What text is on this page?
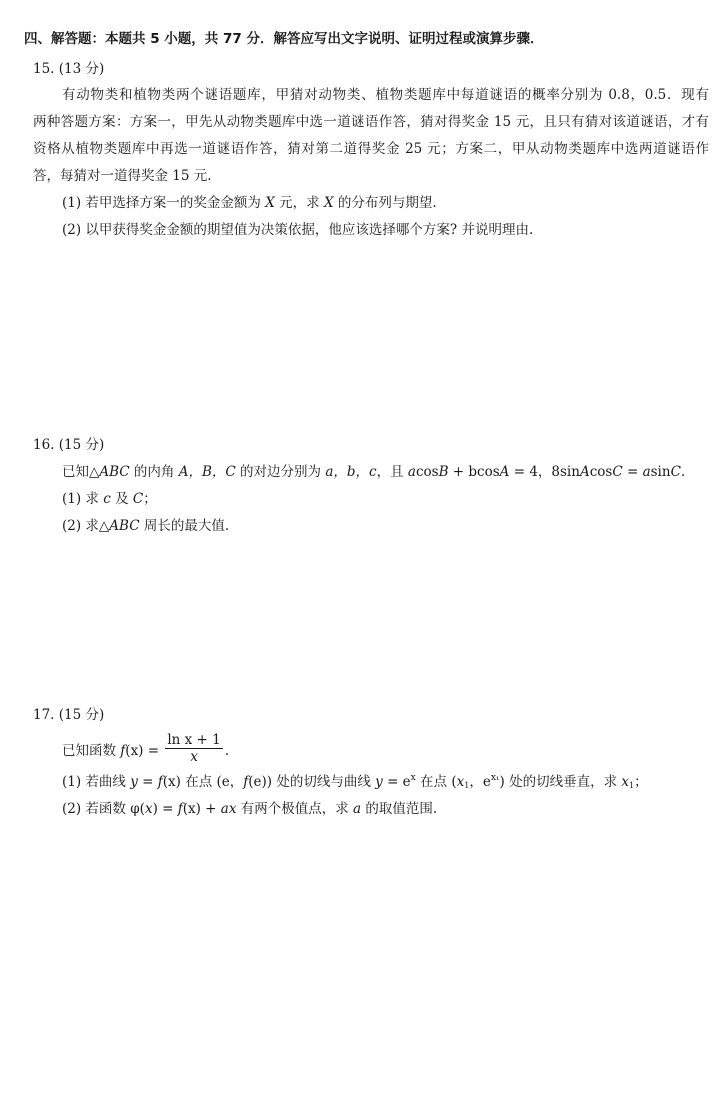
四、解答题：本题共 5 小题，共 77 分．解答应写出文字说明、证明过程或演算步骤．
15. (13 分)
有动物类和植物类两个谜语题库，甲猜对动物类、植物类题库中每道谜语的概率分别为 0.8，0.5．现有
两种答题方案：方案一，甲先从动物类题库中选一道谜语作答，猜对得奖金 15 元，且只有猜对该道谜语，才有
资格从植物类题库中再选一道谜语作答，猜对第二道得奖金 25 元；方案二，甲从动物类题库中选两道谜语作
答，每猜对一道得奖金 15 元.
(1) 若甲选择方案一的奖金金额为 X 元，求 X 的分布列与期望.
(2) 以甲获得奖金金额的期望值为决策依据，他应该选择哪个方案? 并说明理由.
16. (15 分)
已知△ABC 的内角 A，B，C 的对边分别为 a，b，c，且 acosB + bcosA = 4，8sinAcosC = asinC.
(1) 求 c 及 C；
(2) 求△ABC 周长的最大值.
17. (15 分)
已知函数 $f(x) = \frac{\text{ln x + 1}}{x}$ .
(1) 若曲线 y = f(x) 在点 (e，f(e)) 处的切线与曲线 $y = e^x$ 在点 ($x_1$，$e^{x_1}$) 处的切线垂直，求 $x_1$；
(2) 若函数 φ(x) = f(x) + ax 有两个极值点，求 a 的取值范围.
